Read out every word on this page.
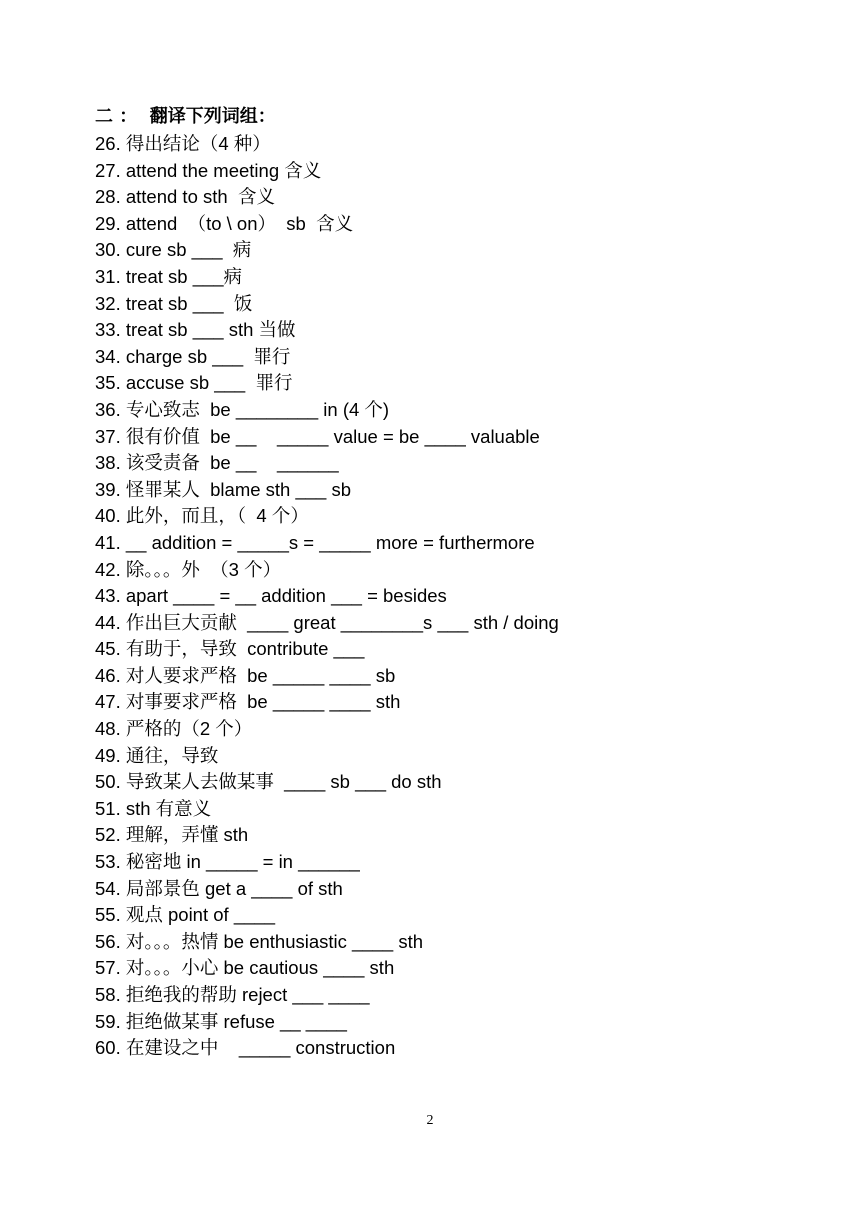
二 ：  翻译下列词组：
26. 得出结论（4 种）
27. attend the meeting 含义
28. attend to sth  含义
29. attend  （to \ on）  sb  含义
30. cure sb ___  病
31. treat sb ___病
32. treat sb ___  饭
33. treat sb ___ sth 当做
34. charge sb ___  罪行
35. accuse sb ___  罪行
36. 专心致志  be ________ in (4 个)
37. 很有价值  be __    _____ value = be ____ valuable
38. 该受责备  be __    ______
39. 怪罪某人  blame sth ___ sb
40. 此外，而且，（  4 个）
41. __ addition = _____s = _____ more = furthermore
42. 除。。。外  （3 个）
43. apart ____ = __ addition ___ = besides
44. 作出巨大贡献  ____ great ________s ___ sth / doing
45. 有助于，导致  contribute ___
46. 对人要求严格  be _____ ____ sb
47. 对事要求严格  be _____ ____ sth
48. 严格的（2 个）
49. 通往，导致
50. 导致某人去做某事  ____ sb ___ do sth
51. sth 有意义
52. 理解，弄懂 sth
53. 秘密地 in _____ = in ______
54. 局部景色 get a ____ of sth
55. 观点 point of ____
56. 对。。。热情 be enthusiastic ____ sth
57. 对。。。小心 be cautious ____ sth
58. 拒绝我的帮助 reject ___ ____
59. 拒绝做某事 refuse __ ____
60. 在建设之中    _____ construction
2
